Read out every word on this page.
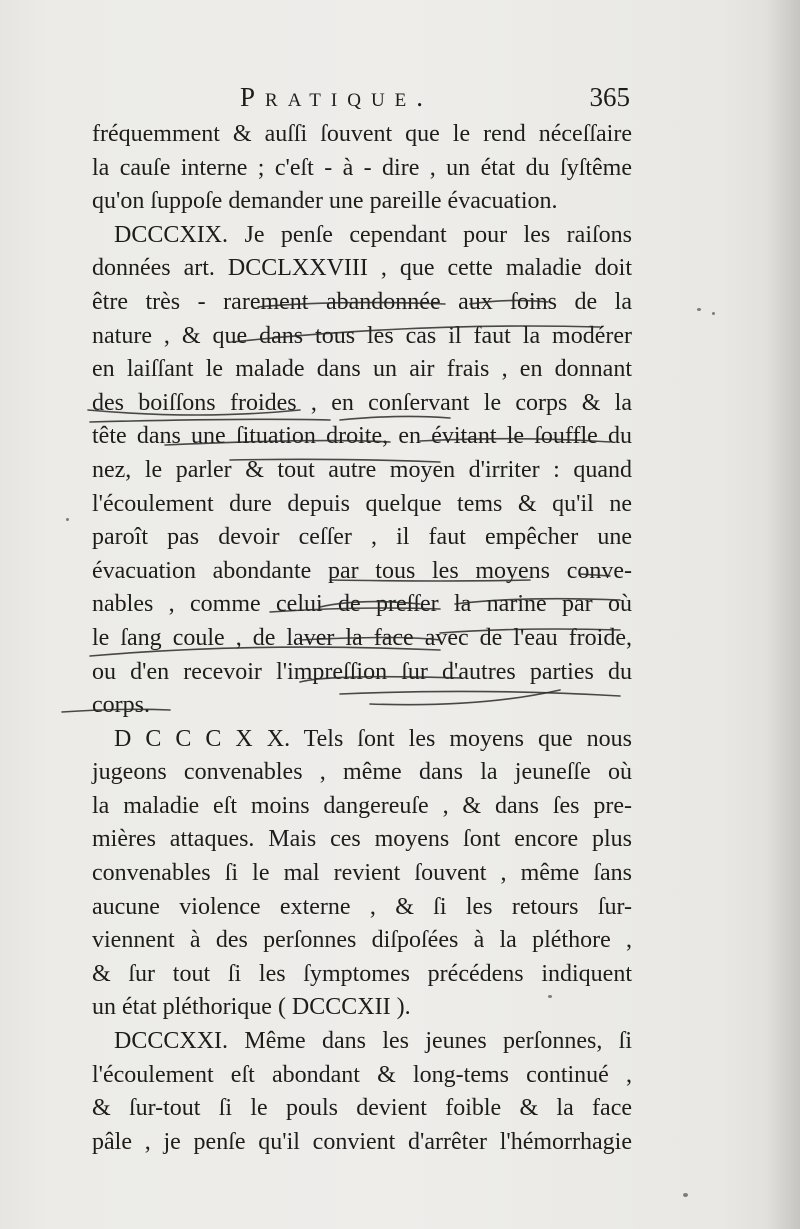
Pratique.	365
fréquemment & auſſi ſouvent que le rend néceſſaire
la cauſe interne ; c'eſt - à - dire , un état du ſyſtême
qu'on ſuppoſe demander une pareille évacuation.
DCCCXIX. Je penſe cependant pour les raiſons
données art. DCCLXXVIII , que cette maladie doit
être très - rarement abandonnée aux ſoins de la
nature , & que dans tous les cas il faut la modérer
en laiſſant le malade dans un air frais , en donnant
des boiſſons froides , en conſervant le corps & la
tête dans une ſituation droite, en évitant le ſouffle du
nez, le parler & tout autre moyen d'irriter : quand
l'écoulement dure depuis quelque tems & qu'il ne
paroît pas devoir ceſſer , il faut empêcher une
évacuation abondante par tous les moyens conve-
nables , comme celui de preſſer la narine par où
le ſang coule , de laver la face avec de l'eau froide,
ou d'en recevoir l'impreſſion ſur d'autres parties du
corps.
D C C C X X. Tels ſont les moyens que nous
jugeons convenables , même dans la jeuneſſe où
la maladie eſt moins dangereuſe , & dans ſes pre-
mières attaques. Mais ces moyens ſont encore plus
convenables ſi le mal revient ſouvent , même ſans
aucune violence externe , & ſi les retours ſur-
viennent à des perſonnes diſpoſées à la pléthore ,
& ſur tout ſi les ſymptomes précédens indiquent
un état pléthorique ( DCCCXII ).
DCCCXXI. Même dans les jeunes perſonnes, ſi
l'écoulement eſt abondant & long-tems continué ,
& ſur-tout ſi le pouls devient foible & la face
pâle , je penſe qu'il convient d'arrêter l'hémorrhagie
